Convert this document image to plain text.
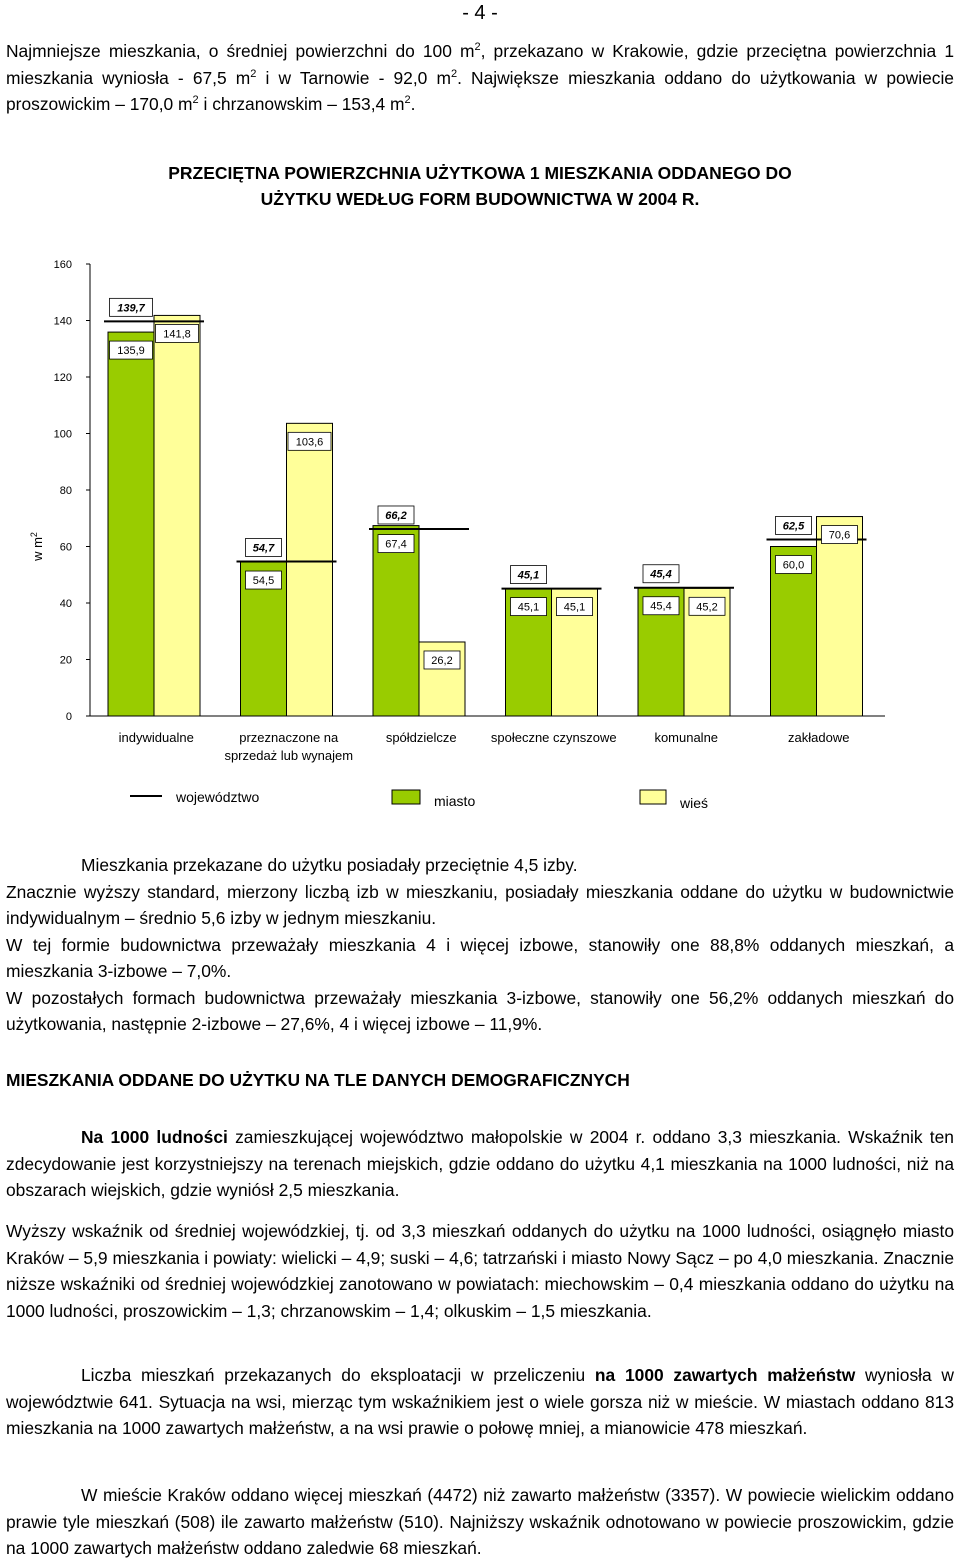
- 4 -

Najmniejsze mieszkania, o średniej powierzchni do 100 $m^2$, przekazano w Krakowie, gdzie przeciętna powierzchnia 1 mieszkania wyniosła - 67,5 $m^2$ i w Tarnowie - 92,0 $m^2$. Największe mieszkania oddano do użytkowania w powiecie proszowickim – 170,0 $m^2$ i chrzanowskim – 153,4 $m^2$.

PRZECIĘTNA POWIERZCHNIA UŻYTKOWA 1 MIESZKANIA ODDANEGO DO
UŻYTKU WEDŁUG FORM BUDOWNICTWA W 2004 R.
0
20
40
60
80
100
120
140
160
w $m^2$
135,9
141,8
139,7
indywidualne
54,5
103,6
54,7
przeznaczone na
sprzedaż lub wynajem
67,4
26,2
66,2
spółdzielcze
45,1 45,1
45,1
społeczne czynszowe
45,4 45,2
45,4
komunalne
60,0
70,6
62,5
zakładowe
województwo	miasto	wieś

Mieszkania przekazane do użytku posiadały przeciętnie 4,5 izby.
Znacznie wyższy standard, mierzony liczbą izb w mieszkaniu, posiadały mieszkania oddane do użytku w budownictwie indywidualnym – średnio 5,6 izby w jednym mieszkaniu.
W tej formie budownictwa przeważały mieszkania 4 i więcej izbowe, stanowiły one 88,8% oddanych mieszkań, a mieszkania 3-izbowe – 7,0%.
W pozostałych formach budownictwa przeważały mieszkania 3-izbowe, stanowiły one 56,2% oddanych mieszkań do użytkowania, następnie 2-izbowe – 27,6%, 4 i więcej izbowe – 11,9%.

MIESZKANIA ODDANE DO UŻYTKU NA TLE DANYCH DEMOGRAFICZNYCH

Na 1000 ludności zamieszkującej województwo małopolskie w 2004 r. oddano 3,3 mieszkania. Wskaźnik ten zdecydowanie jest korzystniejszy na terenach miejskich, gdzie oddano do użytku 4,1 mieszkania na 1000 ludności, niż na obszarach wiejskich, gdzie wyniósł 2,5 mieszkania.

Wyższy wskaźnik od średniej wojewódzkiej, tj. od 3,3 mieszkań oddanych do użytku na 1000 ludności, osiągnęło miasto Kraków – 5,9 mieszkania i powiaty: wielicki – 4,9; suski – 4,6; tatrzański i miasto Nowy Sącz – po 4,0 mieszkania. Znacznie niższe wskaźniki od średniej wojewódzkiej zanotowano w powiatach: miechowskim – 0,4 mieszkania oddano do użytku na 1000 ludności, proszowickim – 1,3; chrzanowskim – 1,4; olkuskim – 1,5 mieszkania.

Liczba mieszkań przekazanych do eksploatacji w przeliczeniu na 1000 zawartych małżeństw wyniosła w województwie 641. Sytuacja na wsi, mierząc tym wskaźnikiem jest o wiele gorsza niż w mieście. W miastach oddano 813 mieszkania na 1000 zawartych małżeństw, a na wsi prawie o połowę mniej, a mianowicie 478 mieszkań.

W mieście Kraków oddano więcej mieszkań (4472) niż zawarto małżeństw (3357). W powiecie wielickim oddano prawie tyle mieszkań (508) ile zawarto małżeństw (510). Najniższy wskaźnik odnotowano w powiecie proszowickim, gdzie na 1000 zawartych małżeństw oddano zaledwie 68 mieszkań.
